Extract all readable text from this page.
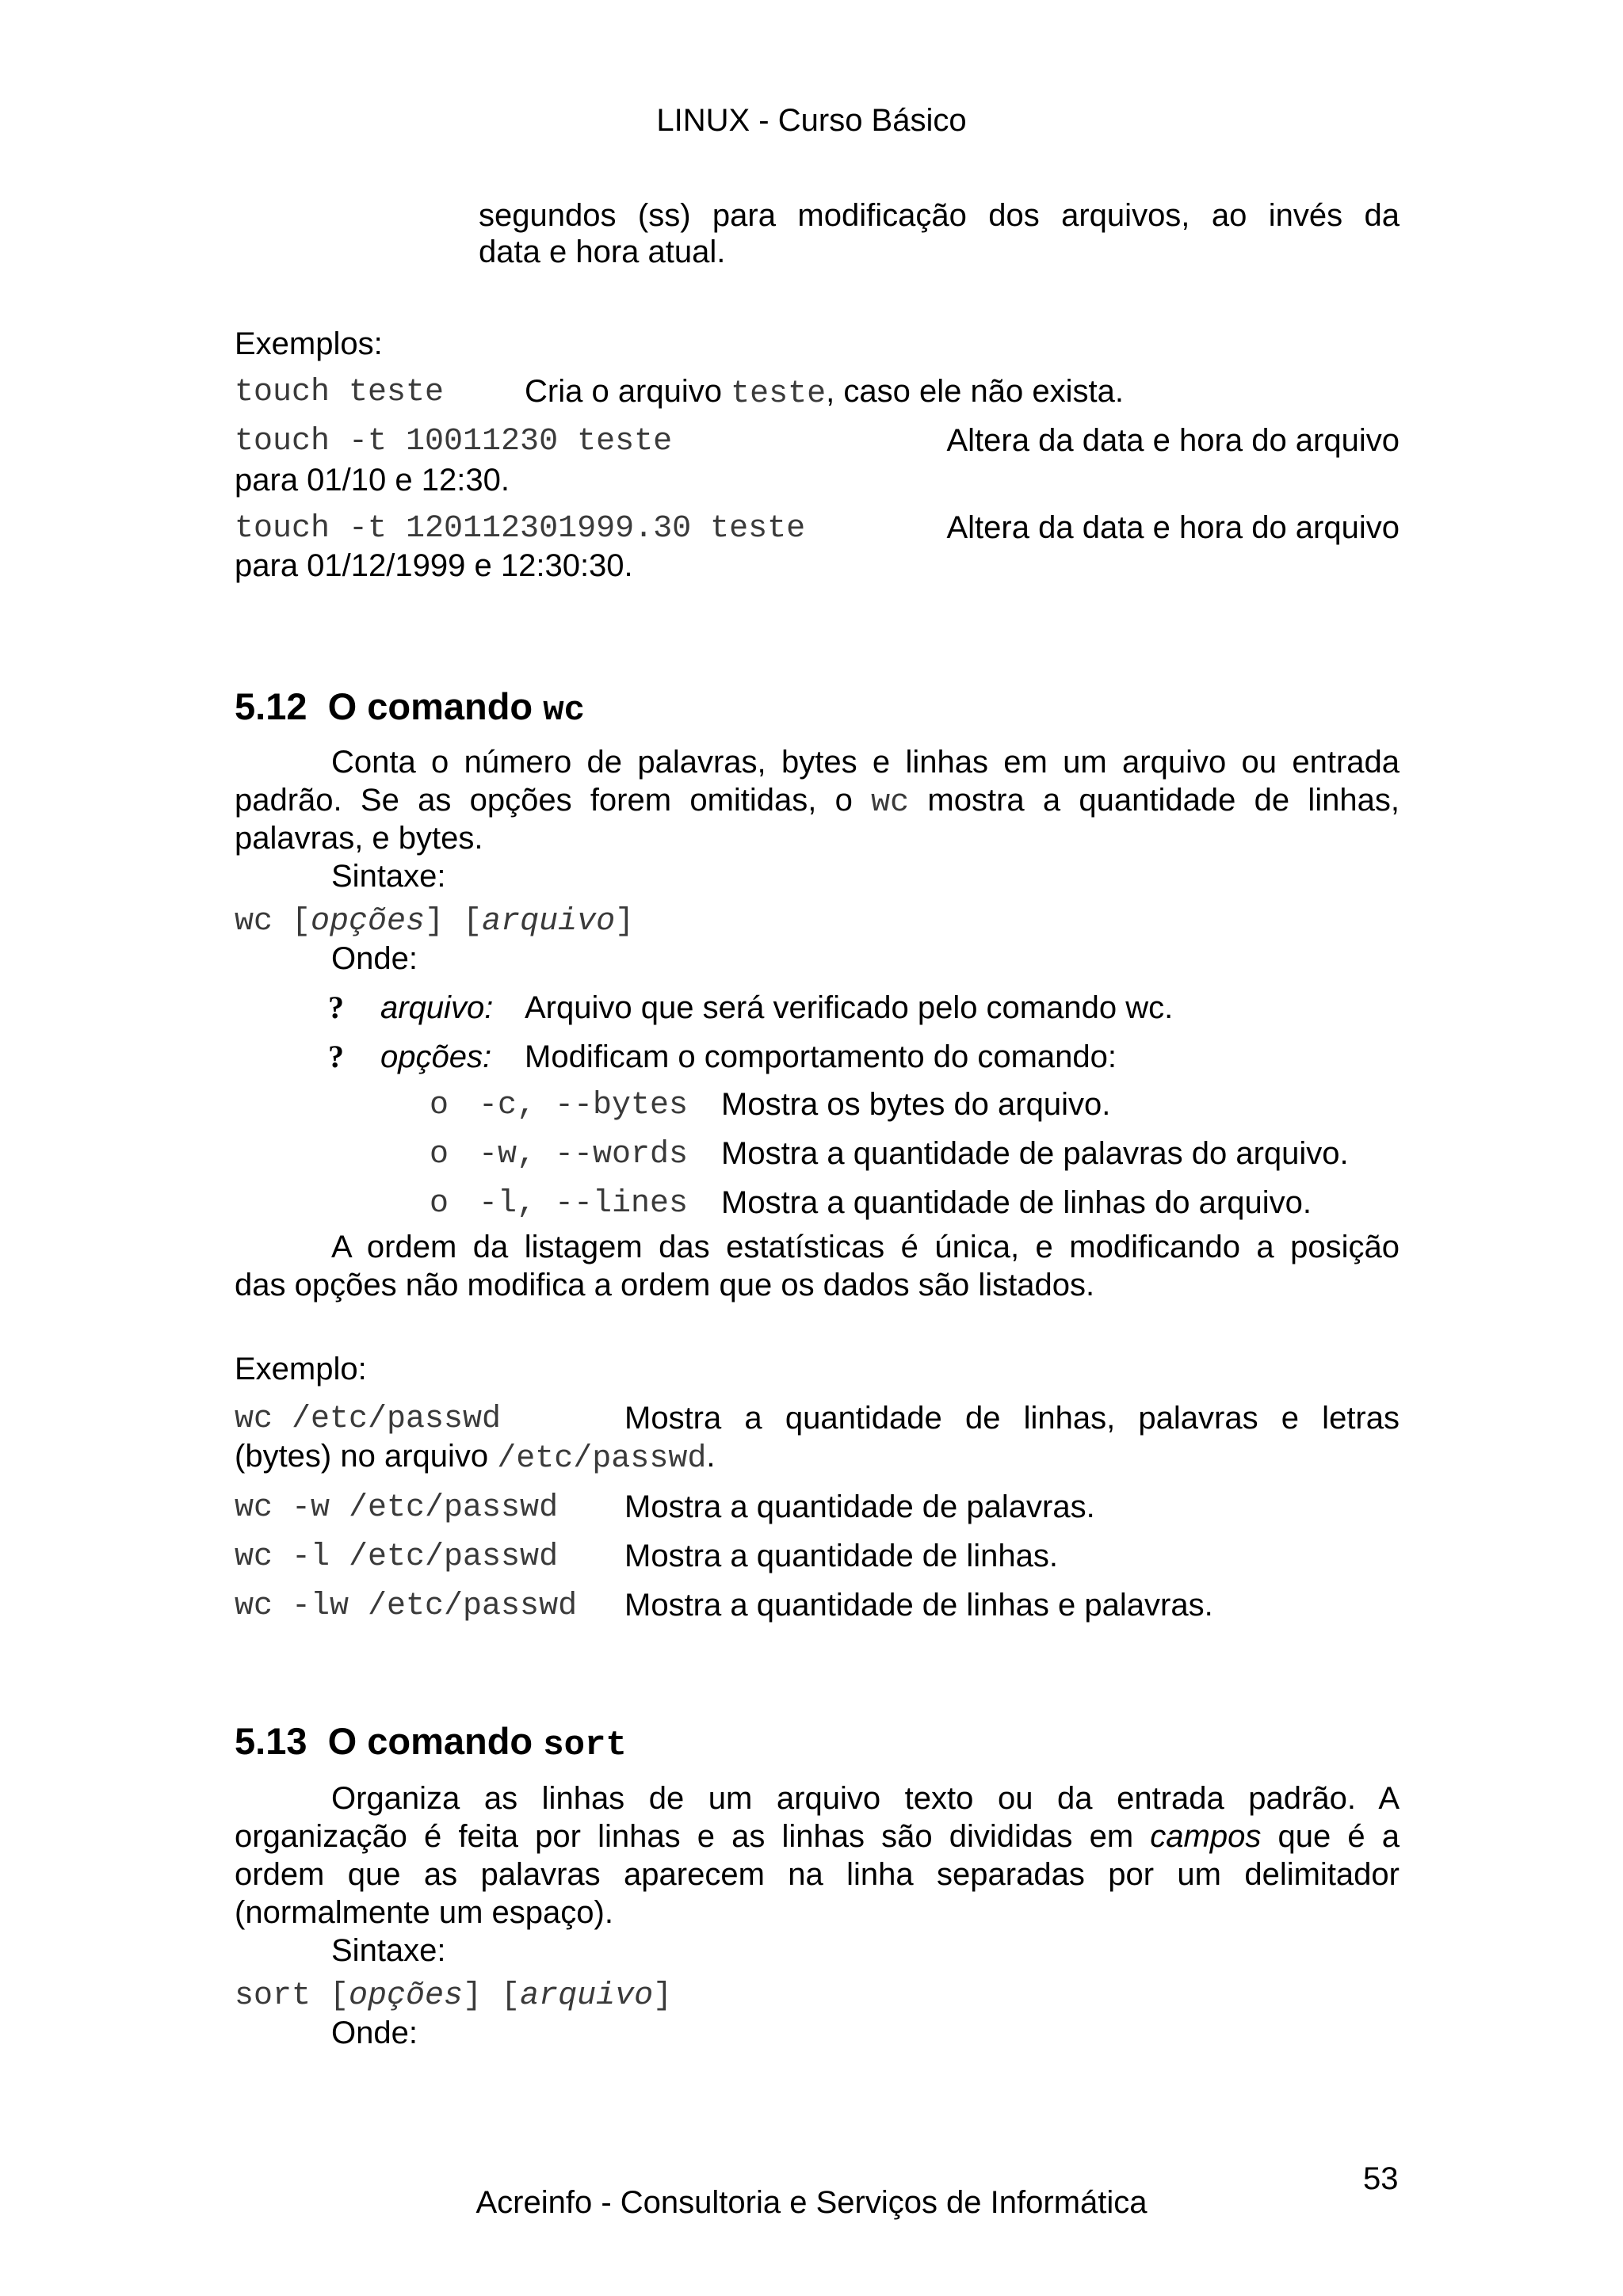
LINUX - Curso Básico
segundos (ss) para modificação dos arquivos, ao invés da
data e hora atual.
Exemplos:
touch teste	Cria o arquivo teste, caso ele não exista.
touch -t 10011230 teste	Altera da data e hora do arquivo
para 01/10 e 12:30.
touch -t 120112301999.30 teste	Altera da data e hora do arquivo
para 01/12/1999 e 12:30:30.
5.12 O comando wc
Conta o número de palavras, bytes e linhas em um arquivo ou entrada
padrão. Se as opções forem omitidas, o wc mostra a quantidade de linhas,
palavras, e bytes.
Sintaxe:
wc [opções] [arquivo]
Onde:
? arquivo: Arquivo que será verificado pelo comando wc.
? opções: Modificam o comportamento do comando:
o -c, --bytes Mostra os bytes do arquivo.
o -w, --words Mostra a quantidade de palavras do arquivo.
o -l, --lines Mostra a quantidade de linhas do arquivo.
A ordem da listagem das estatísticas é única, e modificando a posição
das opções não modifica a ordem que os dados são listados.
Exemplo:
wc /etc/passwd	Mostra a quantidade de linhas, palavras e letras
(bytes) no arquivo /etc/passwd.
wc -w /etc/passwd Mostra a quantidade de palavras.
wc -l /etc/passwd Mostra a quantidade de linhas.
wc -lw /etc/passwd Mostra a quantidade de linhas e palavras.
5.13 O comando sort
Organiza as linhas de um arquivo texto ou da entrada padrão. A
organização é feita por linhas e as linhas são divididas em campos que é a
ordem que as palavras aparecem na linha separadas por um delimitador
(normalmente um espaço).
Sintaxe:
sort [opções] [arquivo]
Onde:
Acreinfo - Consultoria e Serviços de Informática
53
